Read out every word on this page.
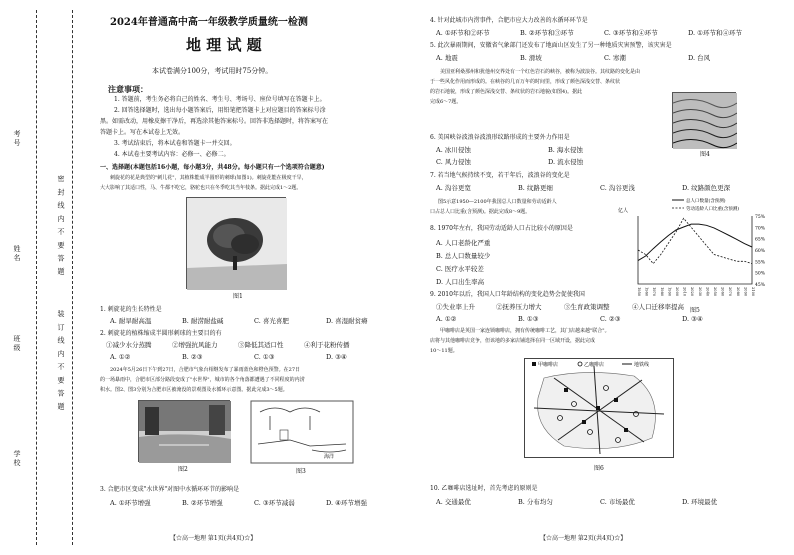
考号
姓名
班级
学校
密 封 线 内 不 要 答 题
装 订 线 内 不 要 答 题
2024年普通高中高一年级教学质量统一检测
地 理 试 题
本试卷满分100分，考试用时75分钟。
注意事项：
1. 答题前，考生务必将自己的姓名、考生号、考场号、座位号填写在答题卡上。
2. 回答选择题时，选出每小题答案后，用铅笔把答题卡上对应题目的答案标号涂
黑。如需改动，用橡皮擦干净后，再选涂其他答案标号。回答非选择题时，将答案写在
答题卡上。写在本试卷上无效。
3. 考试结束后，将本试卷和答题卡一并交回。
4. 本试卷主要考试内容：必修一、必修二。
一、选择题(本题包括16小题，每小题3分，共48分。每小题只有一个选项符合题意)
刺旋花的花是典型的"刺儿花"，其植株能成半圆形的刺球(如图1)。刺旋花能在极度干旱，
大大影响了其适口性，马、牛都不吃它，骆驼也只在冬季吃其当年枝条。据此完成1～2题。
图1
1. 刺旋花的生长特性是
A. 耐旱耐高温	B. 耐涝耐盐碱	C. 喜光喜肥	D. 喜湿耐贫瘠
2. 刺旋花的植株缩成半圆形刺球的主要目的有
①减少水分蒸腾	②增强抗风能力	③降低其适口性	④利于花粉传播
A. ①②	B. ②③	C. ①③	D. ③④
2024年5月26日下午到27日，合肥市气象台相继发布了暴雨蓝色和橙色预警。在27日
的一场暴雨中，合肥市区部分路段变成了"水世界"，城市的各个角落都遭遇了不同程度的内涝
积水。图2、图3分别为合肥市区被淹没的景观图及水循环示意图。据此完成3～5题。
图2
海洋
图3
3. 合肥市区变成"水世界"对图中水循环环节的影响是
A. ①环节增强	B. ②环节增强	C. ③环节减弱	D. ④环节增强
【☆高一地理 第1页(共4页)☆】
4. 针对此城市内涝事件，合肥市应大力改善的水循环环节是
A. ①环节和②环节	B. ②环节和③环节	C. ③环节和④环节	D. ①环节和④环节
5. 此次暴雨期间，安徽省气象部门还发布了地面山区发生了另一种地质灾害预警，该灾害是
A. 地震	B. 滑坡	C. 寒潮	D. 台风
美国亚利桑那州和犹他州交界处有一个红色岩石的峡谷，被称为波浪谷。其纹路的变化是由
于一些风化作用而形成的。在峡谷的几百万年的时间里，形成了颜色深浅交替、条纹状
的岩石地貌，形成了颜色深浅交替、条纹状的岩石地貌(如图4)。据此
完成6～7题。
图4
6. 美国峡谷波浪谷波浪形纹路形成的主要外力作用是
A. 冰川侵蚀	B. 海水侵蚀
C. 风力侵蚀	D. 流水侵蚀
7. 若当地气候持续不变，若干年后，波浪谷的变化是
A. 沟谷更宽	B. 纹路更细	C. 沟谷更浅	D. 纹路颜色更深
图5示意1950—2100年我国总人口数量和劳动适龄人
口占总人口比重(含预测)。据此完成8～9题。
8. 1970年左右，我国劳动适龄人口占比较小的原因是
A. 人口老龄化严重
B. 总人口数量较少
C. 医疗水平较差
D. 人口出生率高
亿人
75%
70%
65%
60%
55%
50%
45%
1950 1960 1970 1980 1990 2000 2010 2020 2030 2040 2050 2060 2070 2080 2090 2100
总人口数量(含预测)
劳动适龄人口比重(含预测)
图5
9. 2010年以后，我国人口年龄结构的变化趋势会促使我国
①失业率上升	②抚养压力增大	③生育政策调整	④人口迁移率提高
A. ①②	B. ①③	C. ②③	D. ③④
甲咖啡店是英国一家连锁咖啡店，拥有传统咖啡工艺，其门店越来越"联合"。
店将与其他咖啡店竞争，但该地的多家店铺选择在同一区域开设，据此完成
10～11题。
甲咖啡店	乙咖啡店	地铁线
图6
10. 乙咖啡店选址时，首先考虑的原则是
A. 交通最优	B. 分布均匀	C. 市场最优	D. 环境最优
【☆高一地理 第2页(共4页)☆】
